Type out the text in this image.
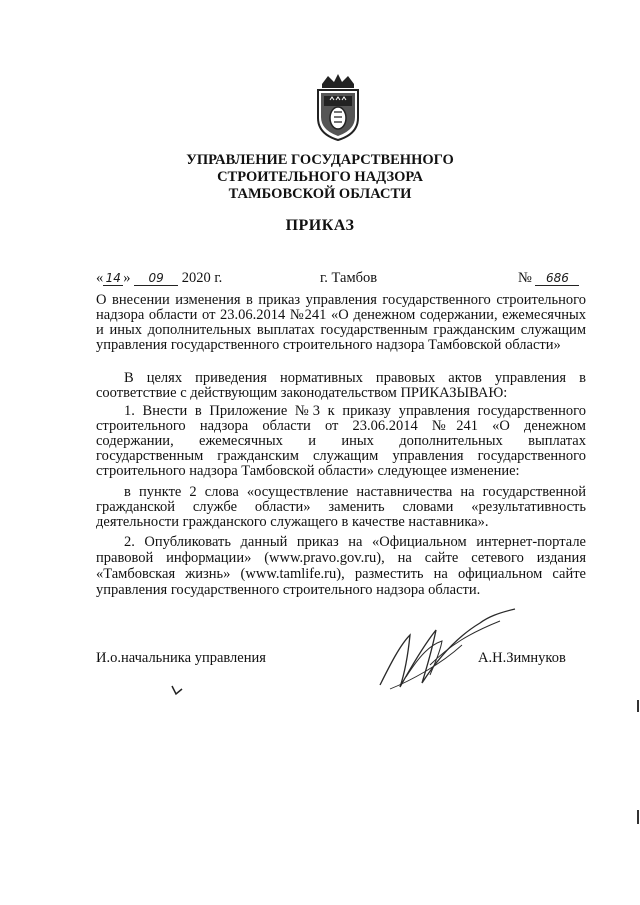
УПРАВЛЕНИЕ ГОСУДАРСТВЕННОГО
СТРОИТЕЛЬНОГО НАДЗОРА
ТАМБОВСКОЙ ОБЛАСТИ
ПРИКАЗ
« 14 » 09 2020 г.	г. Тамбов	№ 686
О внесении изменения в приказ управления государственного строительного
надзора области от 23.06.2014 №241 «О денежном содержании, ежемесячных
и иных дополнительных выплатах государственным гражданским служащим
управления государственного строительного надзора Тамбовской области»
В целях приведения нормативных правовых актов управления в
соответствие с действующим законодательством ПРИКАЗЫВАЮ:
1. Внести в Приложение №3 к приказу управления государственного
строительного надзора области от 23.06.2014 №241 «О денежном
содержании, ежемесячных и иных дополнительных выплатах
государственным гражданским служащим управления государственного
строительного надзора Тамбовской области» следующее изменение:
в пункте 2 слова «осуществление наставничества на государственной
гражданской службе области» заменить словами «результативность
деятельности гражданского служащего в качестве наставника».
2. Опубликовать данный приказ на «Официальном интернет-портале
правовой информации» (www.pravo.gov.ru), на сайте сетевого издания
«Тамбовская жизнь» (www.tamlife.ru), разместить на официальном сайте
управления государственного строительного надзора области.
И.о.начальника управления	А.Н.Зимнуков
